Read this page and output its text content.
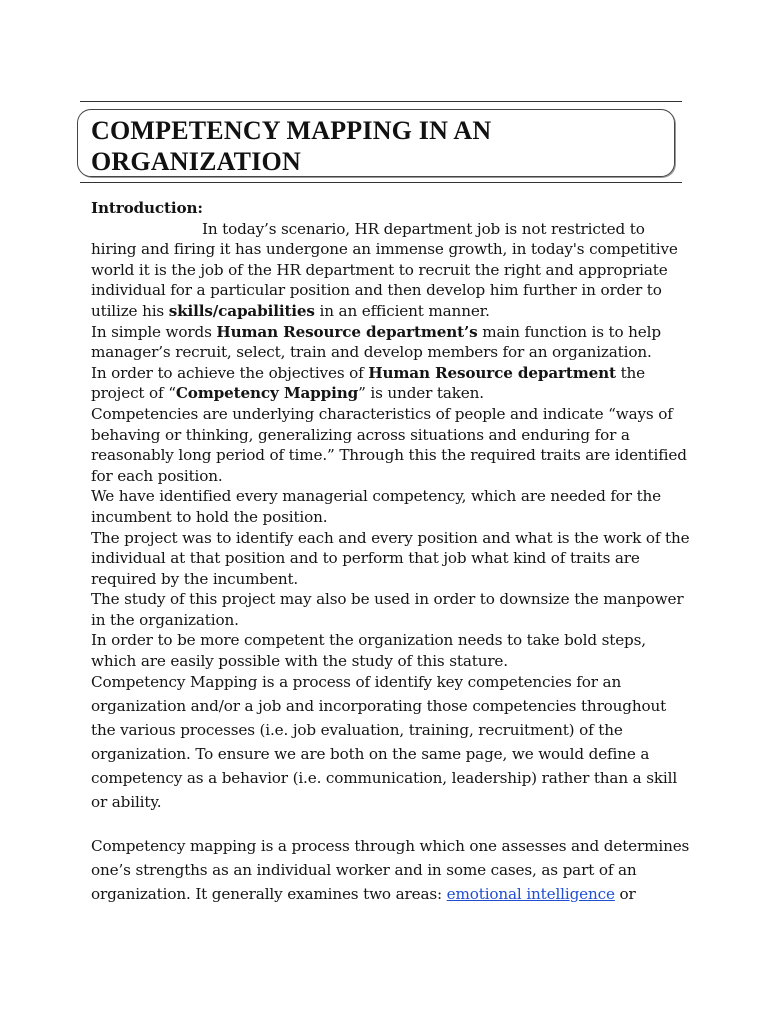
COMPETENCY MAPPING IN AN
ORGANIZATION

Introduction:

In today’s scenario, HR department job is not restricted to
hiring and firing it has undergone an immense growth, in today's competitive world it is the job of the HR department to recruit the right and appropriate individual for a particular position and then develop him further in order to utilize his skills/capabilities in an efficient manner.

In simple words Human Resource department’s main function is to help manager’s recruit, select, train and develop members for an organization.

In order to achieve the objectives of Human Resource department the project of “Competency Mapping” is under taken.

Competencies are underlying characteristics of people and indicate “ways of behaving or thinking, generalizing across situations and enduring for a reasonably long period of time.” Through this the required traits are identified for each position.

We have identified every managerial competency, which are needed for the incumbent to hold the position.

The project was to identify each and every position and what is the work of the individual at that position and to perform that job what kind of traits are required by the incumbent.

The study of this project may also be used in order to downsize the manpower in the organization.

In order to be more competent the organization needs to take bold steps, which are easily possible with the study of this stature.

Competency Mapping is a process of identify key competencies for an organization and/or a job and incorporating those competencies throughout the various processes (i.e. job evaluation, training, recruitment) of the organization. To ensure we are both on the same page, we would define a competency as a behavior (i.e. communication, leadership) rather than a skill or ability.

Competency mapping is a process through which one assesses and determines one’s strengths as an individual worker and in some cases, as part of an organization. It generally examines two areas: emotional intelligence or
